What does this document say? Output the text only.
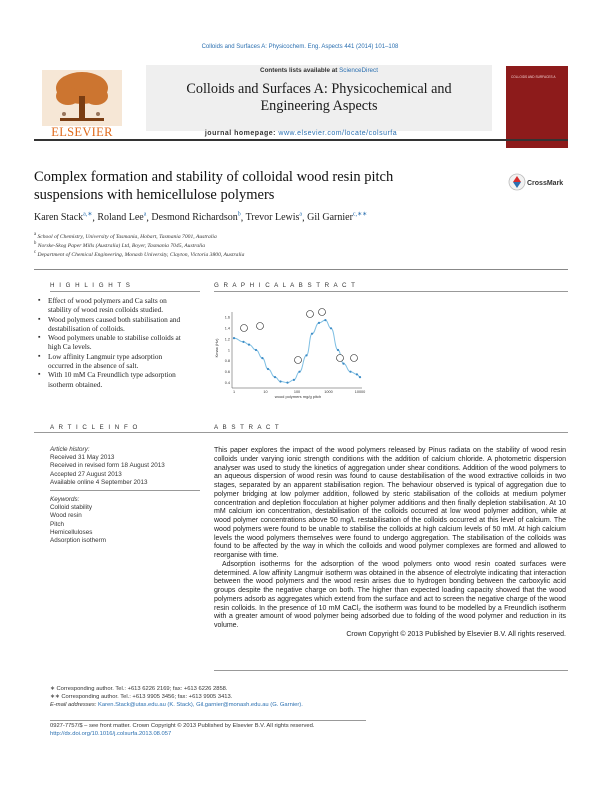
Colloids and Surfaces A: Physicochem. Eng. Aspects 441 (2014) 101–108
ELSEVIER
Contents lists available at ScienceDirect
Colloids and Surfaces A: Physicochemical and
Engineering Aspects
journal homepage: www.elsevier.com/locate/colsurfa
COLLOIDS AND SURFACES A
Complex formation and stability of colloidal wood resin pitch
suspensions with hemicellulose polymers
CrossMark
Karen Stack$^{a,∗}$, Roland Lee$^a$, Desmond Richardson$^b$, Trevor Lewis$^a$, Gil Garnier$^{c,∗∗}$
$^a$ School of Chemistry, University of Tasmania, Hobart, Tasmania 7001, Australia
$^b$ Norske-Skog Paper Mills (Australia) Ltd, Boyer, Tasmania 7045, Australia
$^c$ Department of Chemical Engineering, Monash University, Clayton, Victoria 3800, Australia
H I G H L I G H T S
▪ Effect of wood polymers and Ca salts on stability of wood resin colloids studied.
▪ Wood polymers caused both stabilisation and destabilisation of colloids.
▪ Wood polymers unable to stabilise colloids at high Ca levels.
▪ Low affinity Langmuir type adsorption occurred in the absence of salt.
▪ With 10 mM Ca Freundlich type adsorption isotherm obtained.
G R A P H I C A L A B S T R A C T
Kmax (Hz)
wood polymers mg/g pitch
1.6
1.4
1.2
1
0.8
0.6
0.4
1	10	100	1000	10000
A R T I C L E I N F O	A B S T R A C T
Article history:
Received 31 May 2013
Received in revised form 18 August 2013
Accepted 27 August 2013
Available online 4 September 2013
Keywords:
Colloid stability
Wood resin
Pitch
Hemicelluloses
Adsorption isotherm

This paper explores the impact of the wood polymers released by Pinus radiata on the stability of wood resin colloids under varying ionic strength conditions with the addition of calcium chloride. A photometric dispersion analyser was used to study the kinetics of aggregation under shear conditions. Addition of the wood polymers to an aqueous dispersion of wood resin was found to cause destabilisation of the wood extractive colloids in two stages, separated by an apparent stabilisation region. The behaviour observed is typical of aggregation due to polymer bridging at low polymer addition, followed by steric stabilisation of the colloids at medium polymer concentration and depletion flocculation at higher polymer additions and then finally depletion stabilisation. At 10 mM calcium ion concentration, destabilisation of the colloids occurred at low wood polymer addition, while at wood polymer concentrations above 50 mg/L restabilisation of the colloids occurred at this level of calcium. The wood polymers were found to be unable to stabilise the colloids at high calcium levels of 50 mM. At high calcium levels the wood polymers themselves were found to undergo aggregation. The stabilisation of the colloids was found to be affected by the way in which the colloids and wood polymer complexes are formed and allowed to reorganise with time.

Adsorption isotherms for the adsorption of the wood polymers onto wood resin coated surfaces were determined. A low affinity Langmuir isotherm was obtained in the absence of electrolyte indicating that interaction between the wood polymers and the wood resin arises due to hydrogen bonding between the carboxylic acid groups despite the negative charge on both. The higher than expected loading capacity showed that the wood polymers adsorb as aggregates which extend from the surface and act to screen the negative charge of the wood resin colloids. In the presence of 10 mM CaCl₂ the isotherm was found to be modelled by a Freundlich isotherm with a greater amount of wood polymer being adsorbed due to folding of the wood polymer and reduction in its volume.

Crown Copyright © 2013 Published by Elsevier B.V. All rights reserved.

∗ Corresponding author. Tel.: +613 6226 2169; fax: +613 6226 2858.
∗∗ Corresponding author. Tel.: +613 9905 3456; fax: +613 9905 3413.
E-mail addresses: Karen.Stack@utas.edu.au (K. Stack), Gil.garnier@monash.edu.au (G. Garnier).
0927-7757/$ – see front matter. Crown Copyright © 2013 Published by Elsevier B.V. All rights reserved.
http://dx.doi.org/10.1016/j.colsurfa.2013.08.057
